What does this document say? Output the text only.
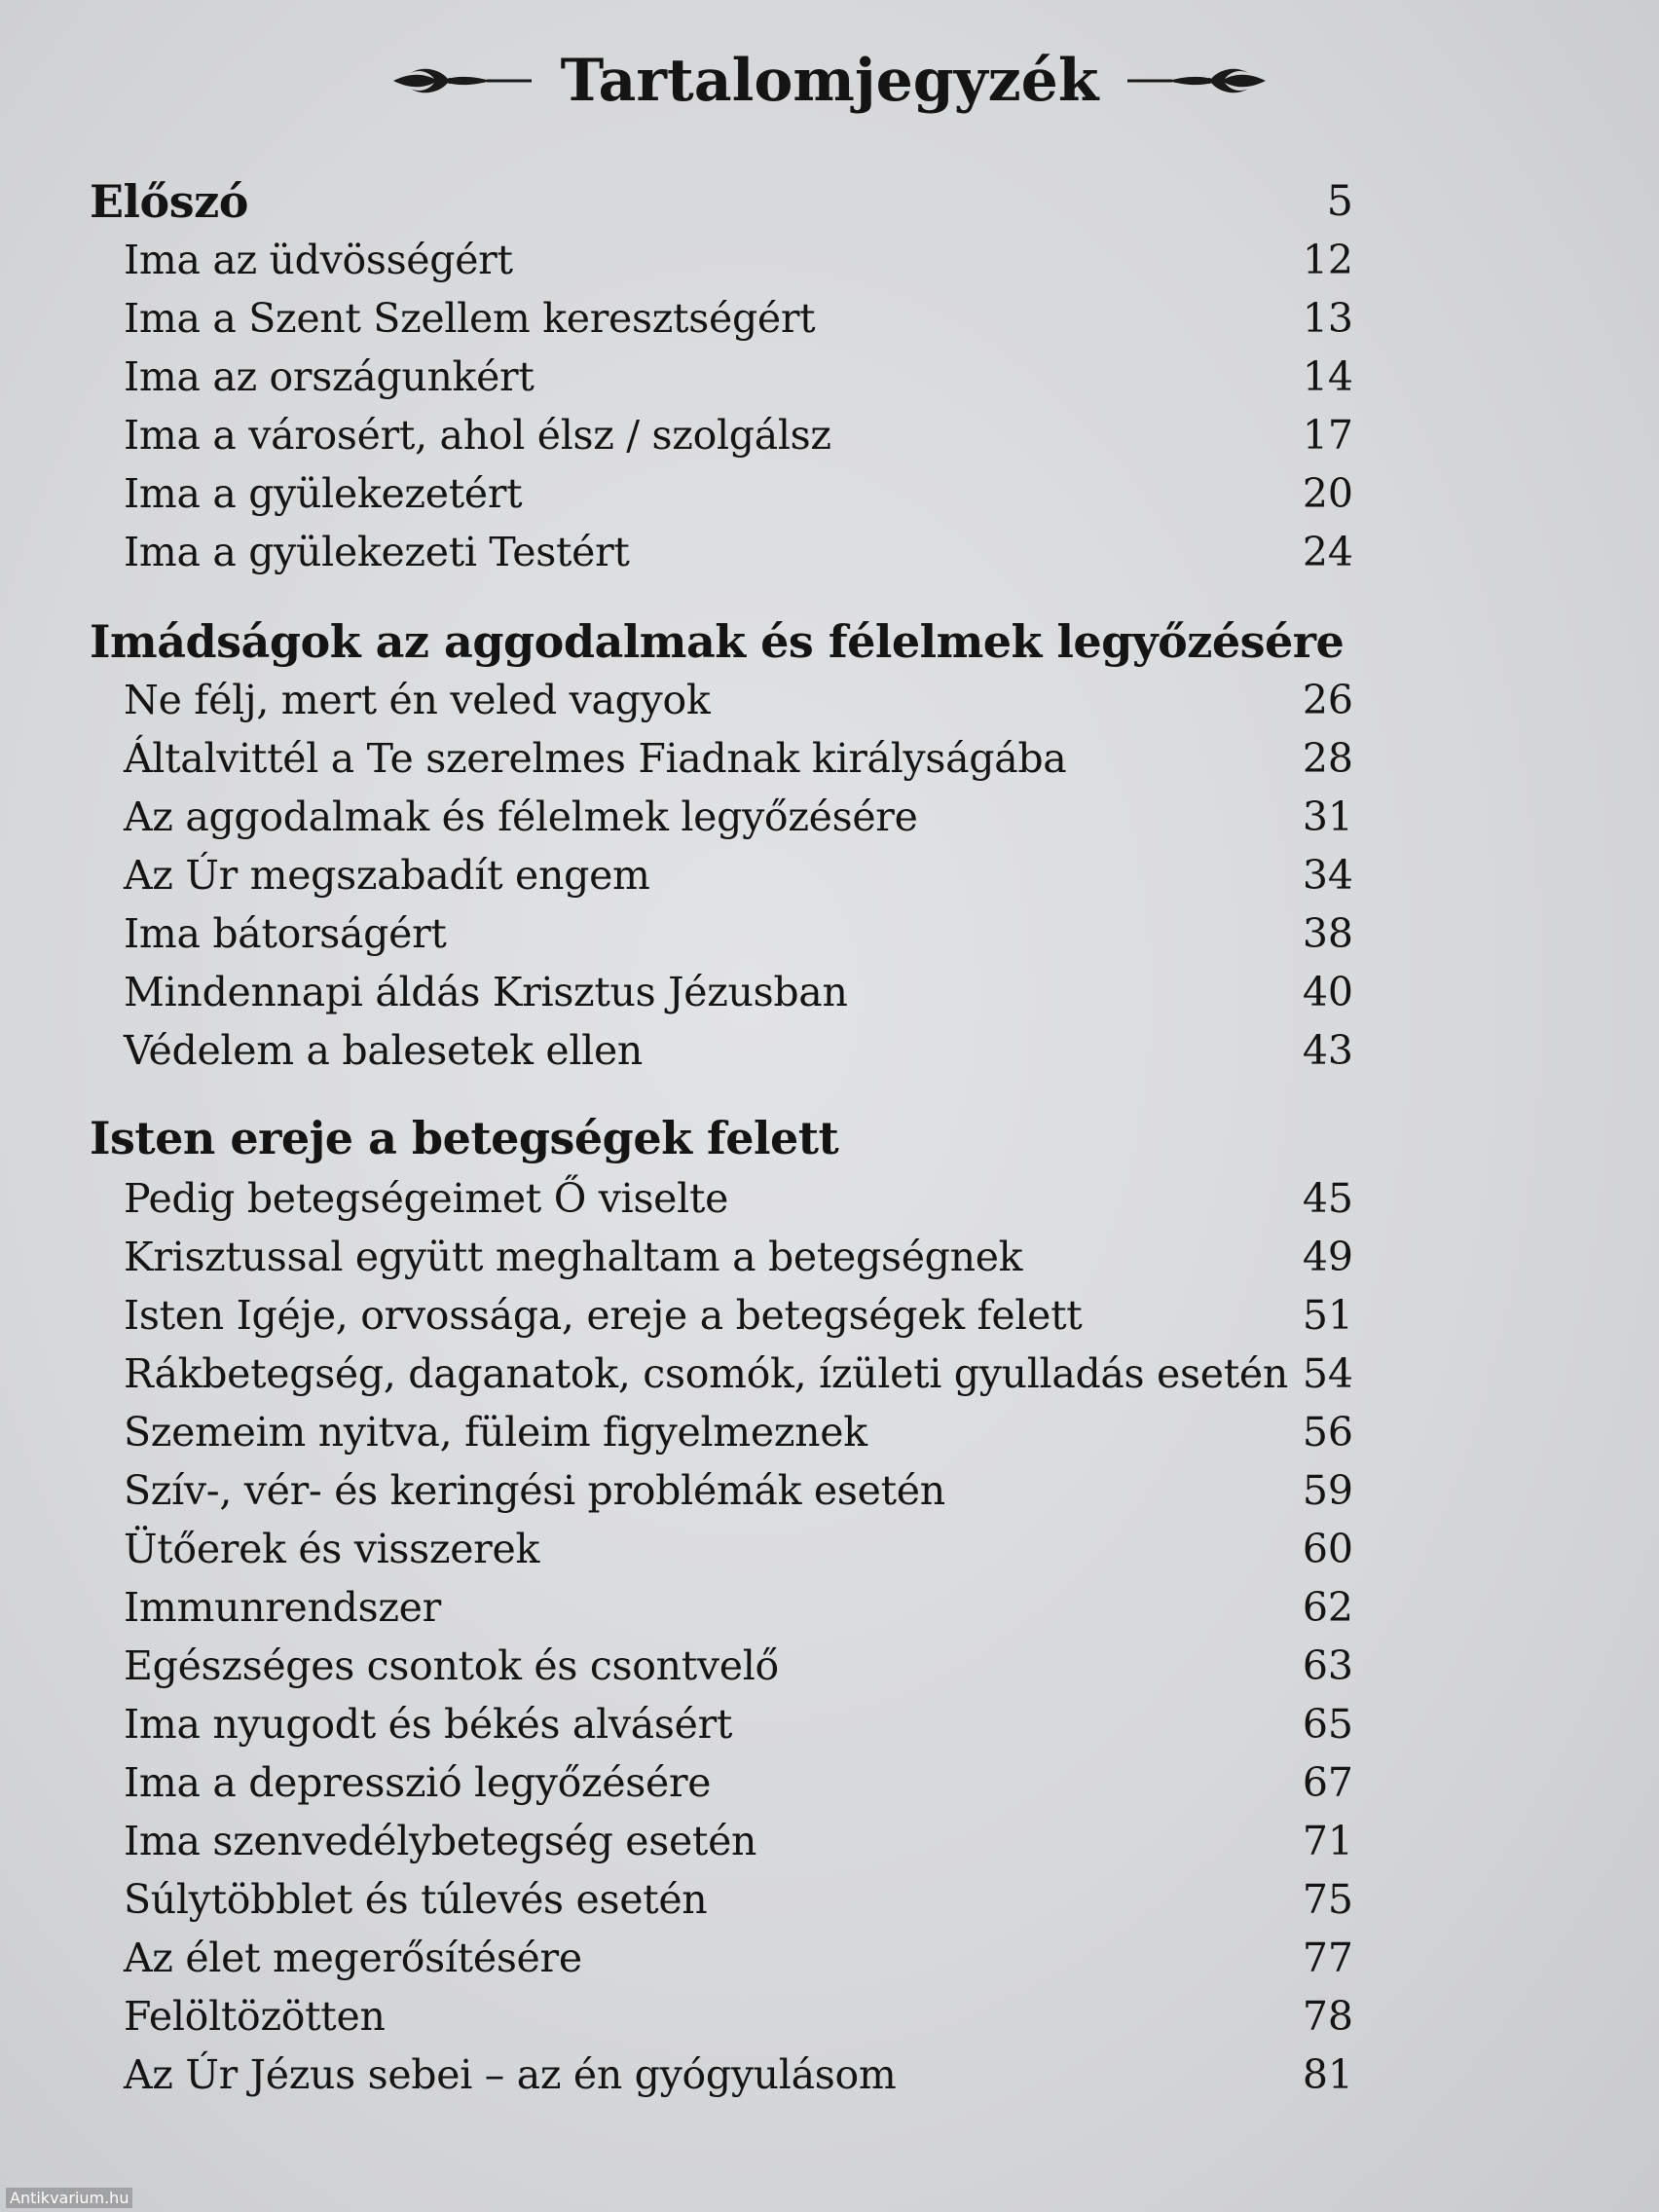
Tartalomjegyzék
Előszó	5
Ima az üdvösségért	12
Ima a Szent Szellem keresztségért	13
Ima az országunkért	14
Ima a városért, ahol élsz / szolgálsz	17
Ima a gyülekezetért	20
Ima a gyülekezeti Testért	24
Imádságok az aggodalmak és félelmek legyőzésére
Ne félj, mert én veled vagyok	26
Általvittél a Te szerelmes Fiadnak királyságába	28
Az aggodalmak és félelmek legyőzésére	31
Az Úr megszabadít engem	34
Ima bátorságért	38
Mindennapi áldás Krisztus Jézusban	40
Védelem a balesetek ellen	43
Isten ereje a betegségek felett
Pedig betegségeimet Ő viselte	45
Krisztussal együtt meghaltam a betegségnek	49
Isten Igéje, orvossága, ereje a betegségek felett	51
Rákbetegség, daganatok, csomók, ízületi gyulladás esetén 54
Szemeim nyitva, füleim figyelmeznek	56
Szív-, vér- és keringési problémák esetén	59
Ütőerek és visszerek	60
Immunrendszer	62
Egészséges csontok és csontvelő	63
Ima nyugodt és békés alvásért	65
Ima a depresszió legyőzésére	67
Ima szenvedélybetegség esetén	71
Súlytöbblet és túlevés esetén	75
Az élet megerősítésére	77
Felöltözötten	78
Az Úr Jézus sebei – az én gyógyulásom	81
Antikvarium.hu
